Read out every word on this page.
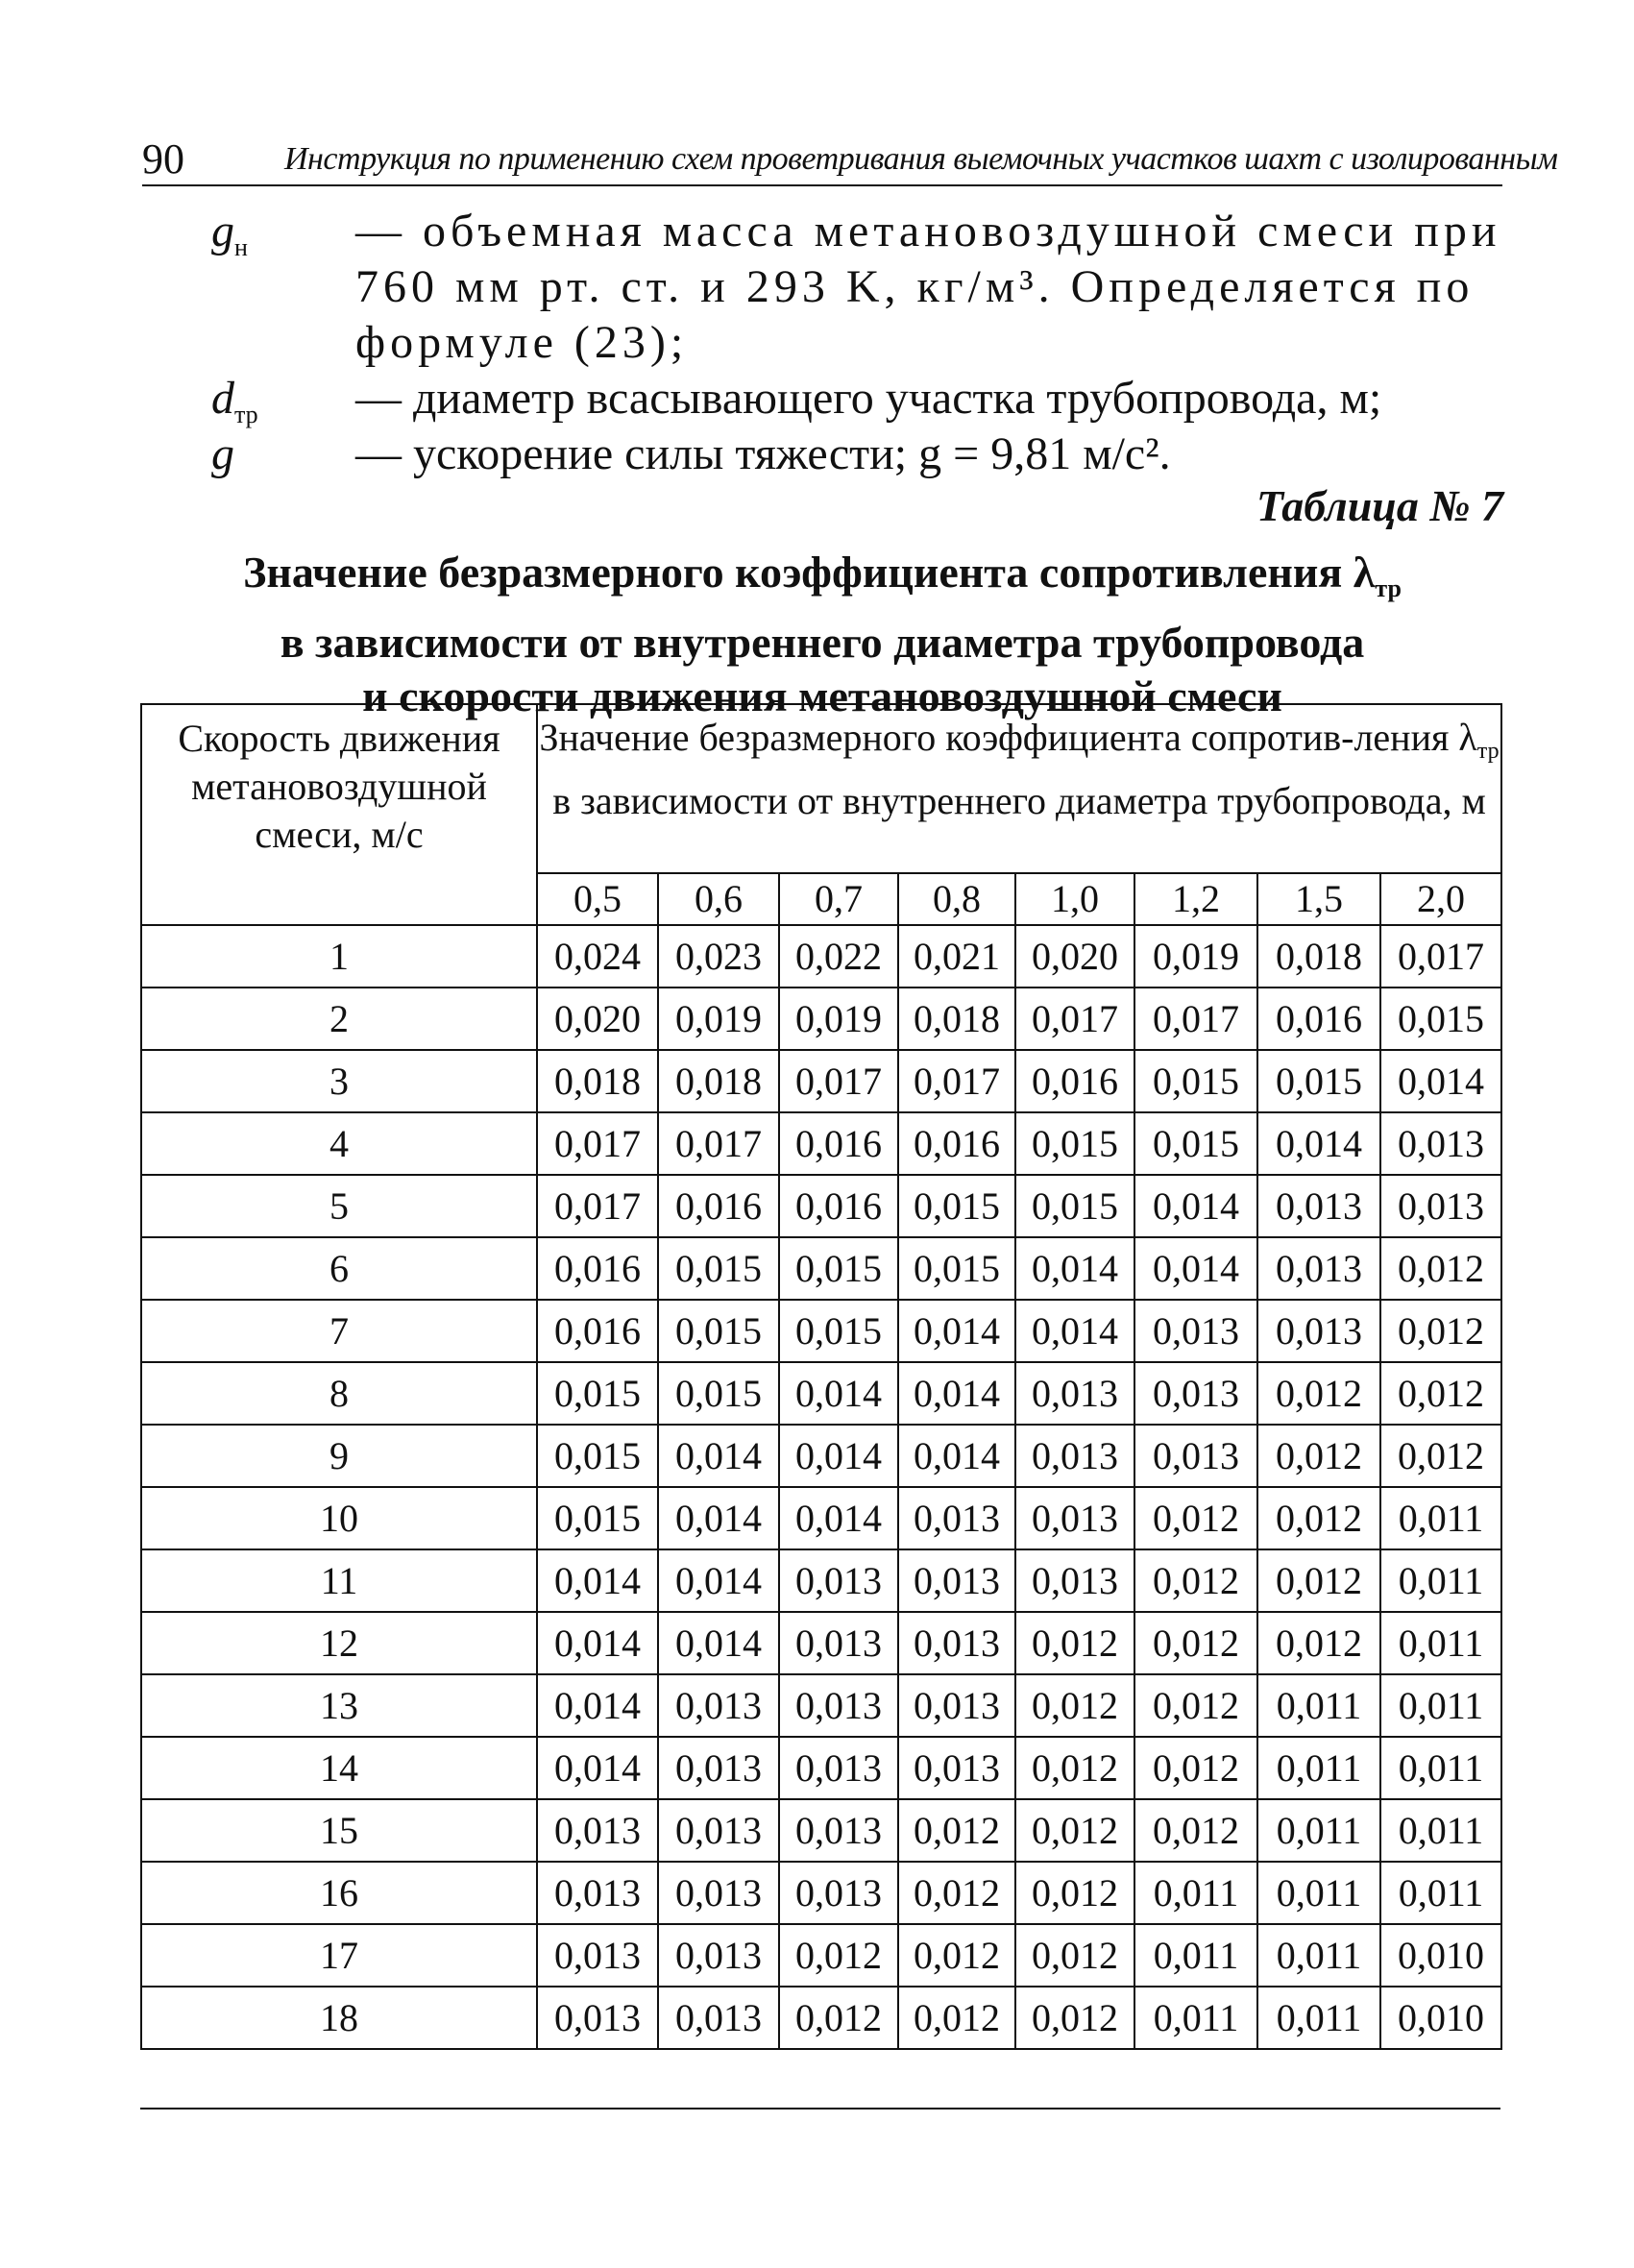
90	Инструкция по применению схем проветривания выемочных участков шахт с изолированным
$g_н$ — объемная масса метановоздушной смеси при 760 мм рт. ст. и 293 K, кг/м³. Определяется по формуле (23);
$d_{тр}$ — диаметр всасывающего участка трубопровода, м;
g	— ускорение силы тяжести; g = 9,81 м/с².
Таблица № 7
Значение безразмерного коэффициента сопротивления $\lambda_{тр}$
в зависимости от внутреннего диаметра трубопровода
и скорости движения метановоздушной смеси
Скорость движения метановоздушной смеси, м/с	Значение безразмерного коэффициента сопротив-ления $\lambda_{тр}$ в зависимости от внутреннего диаметра трубопровода, м							
	0,5	0,6	0,7	0,8	1,0	1,2	1,5	2,0
1	0,024	0,023	0,022	0,021	0,020	0,019	0,018	0,017
2	0,020	0,019	0,019	0,018	0,017	0,017	0,016	0,015
3	0,018	0,018	0,017	0,017	0,016	0,015	0,015	0,014
4	0,017	0,017	0,016	0,016	0,015	0,015	0,014	0,013
5	0,017	0,016	0,016	0,015	0,015	0,014	0,013	0,013
6	0,016	0,015	0,015	0,015	0,014	0,014	0,013	0,012
7	0,016	0,015	0,015	0,014	0,014	0,013	0,013	0,012
8	0,015	0,015	0,014	0,014	0,013	0,013	0,012	0,012
9	0,015	0,014	0,014	0,014	0,013	0,013	0,012	0,012
10	0,015	0,014	0,014	0,013	0,013	0,012	0,012	0,011
11	0,014	0,014	0,013	0,013	0,013	0,012	0,012	0,011
12	0,014	0,014	0,013	0,013	0,012	0,012	0,012	0,011
13	0,014	0,013	0,013	0,013	0,012	0,012	0,011	0,011
14	0,014	0,013	0,013	0,013	0,012	0,012	0,011	0,011
15	0,013	0,013	0,013	0,012	0,012	0,012	0,011	0,011
16	0,013	0,013	0,013	0,012	0,012	0,011	0,011	0,011
17	0,013	0,013	0,012	0,012	0,012	0,011	0,011	0,010
18	0,013	0,013	0,012	0,012	0,012	0,011	0,011	0,010
